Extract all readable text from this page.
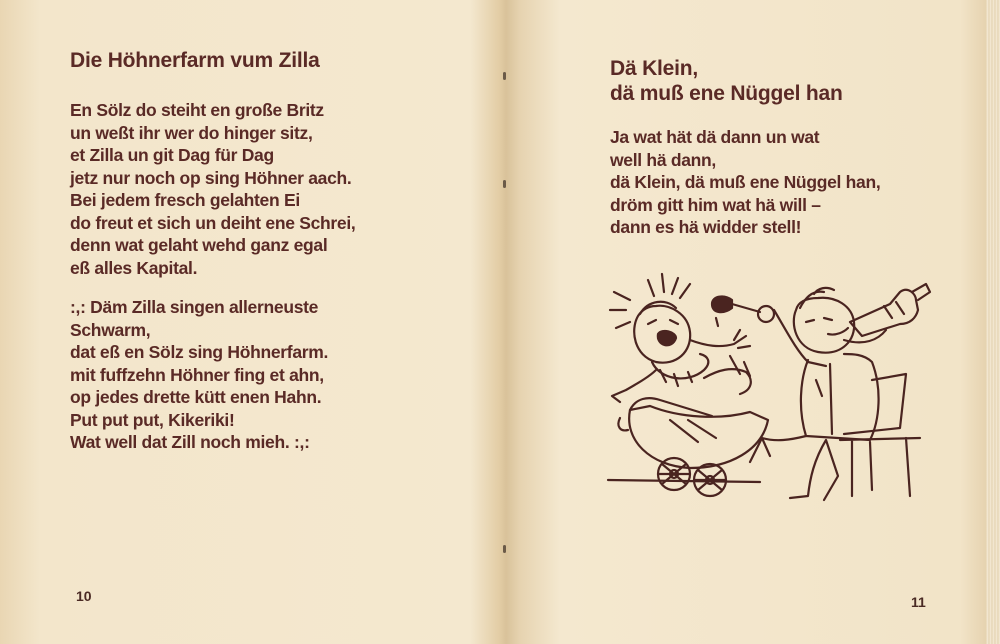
Die Höhnerfarm vum Zilla
En Sölz do steiht en große Britz
un weßt ihr wer do hinger sitz,
et Zilla un git Dag für Dag
jetz nur noch op sing Höhner aach.
Bei jedem fresch gelahten Ei
do freut et sich un deiht ene Schrei,
denn wat gelaht wehd ganz egal
eß alles Kapital.
:,: Däm Zilla singen allerneuste
Schwarm,
dat eß en Sölz sing Höhnerfarm.
mit fuffzehn Höhner fing et ahn,
op jedes drette kütt enen Hahn.
Put put put, Kikeriki!
Wat well dat Zill noch mieh. :,:
10
Dä Klein,
dä muß ene Nüggel han
Ja wat hät dä dann un wat
well hä dann,
dä Klein, dä muß ene Nüggel han,
dröm gitt him wat hä will –
dann es hä widder stell!
11
